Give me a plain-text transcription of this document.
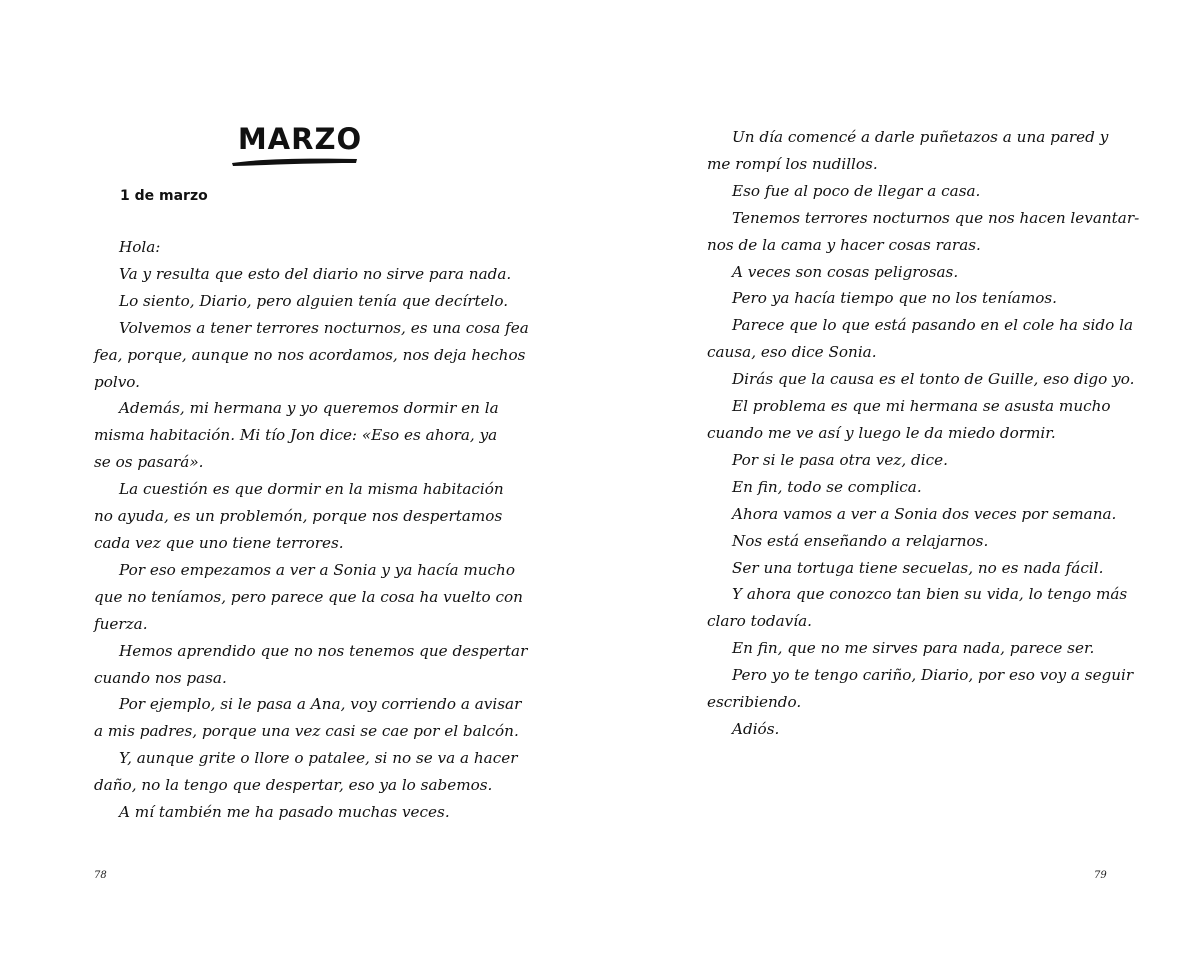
MARZO
1 de marzo
Hola:
Va y resulta que esto del diario no sirve para nada.
Lo siento, Diario, pero alguien tenía que decírtelo.
Volvemos a tener terrores nocturnos, es una cosa fea
fea, porque, aunque no nos acordamos, nos deja hechos
polvo.
Además, mi hermana y yo queremos dormir en la
misma habitación. Mi tío Jon dice: «Eso es ahora, ya
se os pasará».
La cuestión es que dormir en la misma habitación
no ayuda, es un problemón, porque nos despertamos
cada vez que uno tiene terrores.
Por eso empezamos a ver a Sonia y ya hacía mucho
que no teníamos, pero parece que la cosa ha vuelto con
fuerza.
Hemos aprendido que no nos tenemos que despertar
cuando nos pasa.
Por ejemplo, si le pasa a Ana, voy corriendo a avisar
a mis padres, porque una vez casi se cae por el balcón.
Y, aunque grite o llore o patalee, si no se va a hacer
daño, no la tengo que despertar, eso ya lo sabemos.
A mí también me ha pasado muchas veces.
78
Un día comencé a darle puñetazos a una pared y
me rompí los nudillos.
Eso fue al poco de llegar a casa.
Tenemos terrores nocturnos que nos hacen levantar-
nos de la cama y hacer cosas raras.
A veces son cosas peligrosas.
Pero ya hacía tiempo que no los teníamos.
Parece que lo que está pasando en el cole ha sido la
causa, eso dice Sonia.
Dirás que la causa es el tonto de Guille, eso digo yo.
El problema es que mi hermana se asusta mucho
cuando me ve así y luego le da miedo dormir.
Por si le pasa otra vez, dice.
En fin, todo se complica.
Ahora vamos a ver a Sonia dos veces por semana.
Nos está enseñando a relajarnos.
Ser una tortuga tiene secuelas, no es nada fácil.
Y ahora que conozco tan bien su vida, lo tengo más
claro todavía.
En fin, que no me sirves para nada, parece ser.
Pero yo te tengo cariño, Diario, por eso voy a seguir
escribiendo.
Adiós.
79
